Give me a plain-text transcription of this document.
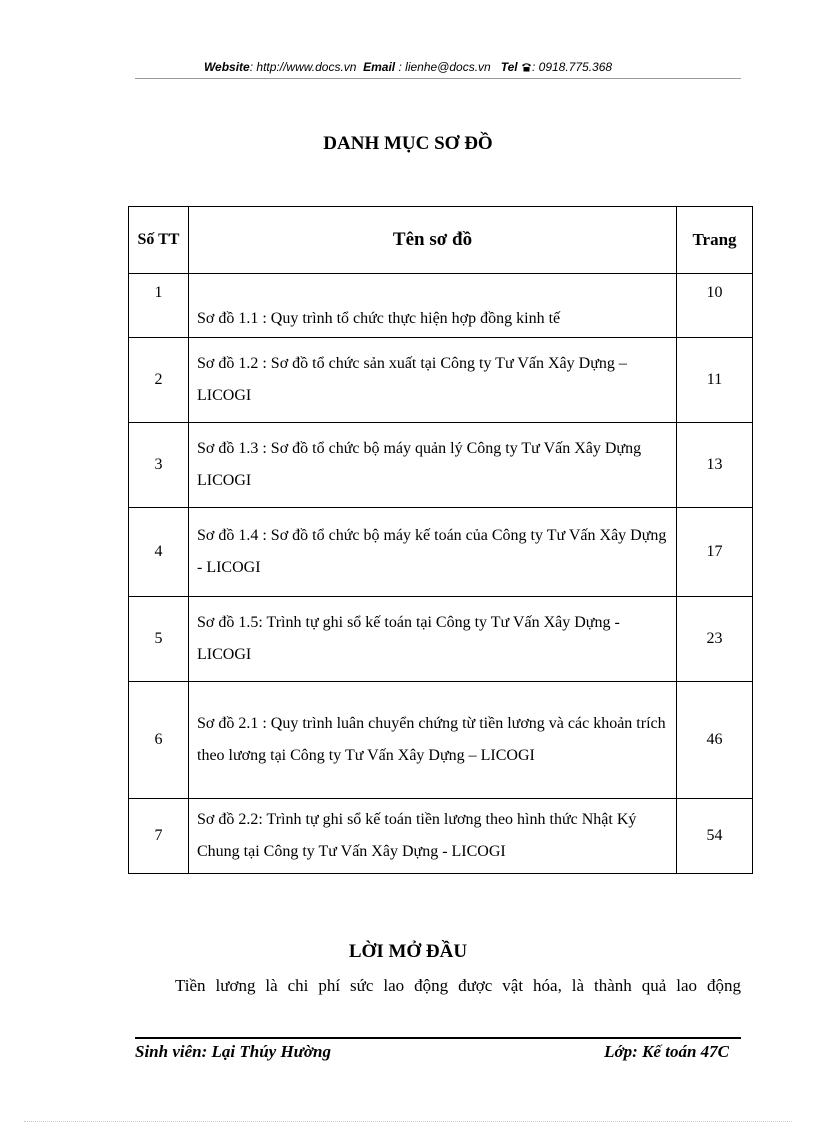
Website: http://www.docs.vn Email : lienhe@docs.vn Tel : 0918.775.368
DANH MỤC SƠ ĐỒ
Số TT	Tên sơ đồ	Trang
1	Sơ đồ 1.1 : Quy trình tổ chức thực hiện hợp đồng kinh tế	10
2	Sơ đồ 1.2 : Sơ đồ tổ chức sản xuất tại Công ty Tư Vấn Xây Dựng – LICOGI	11
3	Sơ đồ 1.3 : Sơ đồ tổ chức bộ máy quản lý Công ty Tư Vấn Xây Dựng LICOGI	13
4	Sơ đồ 1.4 : Sơ đồ tổ chức bộ máy kế toán của Công ty Tư Vấn Xây Dựng - LICOGI	17
5	Sơ đồ 1.5: Trình tự ghi sổ kế toán tại Công ty Tư Vấn Xây Dựng - LICOGI	23
6	Sơ đồ 2.1 : Quy trình luân chuyển chứng từ tiền lương và các khoản trích theo lương tại Công ty Tư Vấn Xây Dựng – LICOGI	46
7	Sơ đồ 2.2: Trình tự ghi sổ kế toán tiền lương theo hình thức Nhật Ký Chung tại Công ty Tư Vấn Xây Dựng - LICOGI	54
LỜI MỞ ĐẦU
Tiền lương là chi phí sức lao động được vật hóa, là thành quả lao động
Sinh viên: Lại Thúy Hường	Lớp: Kế toán 47C
